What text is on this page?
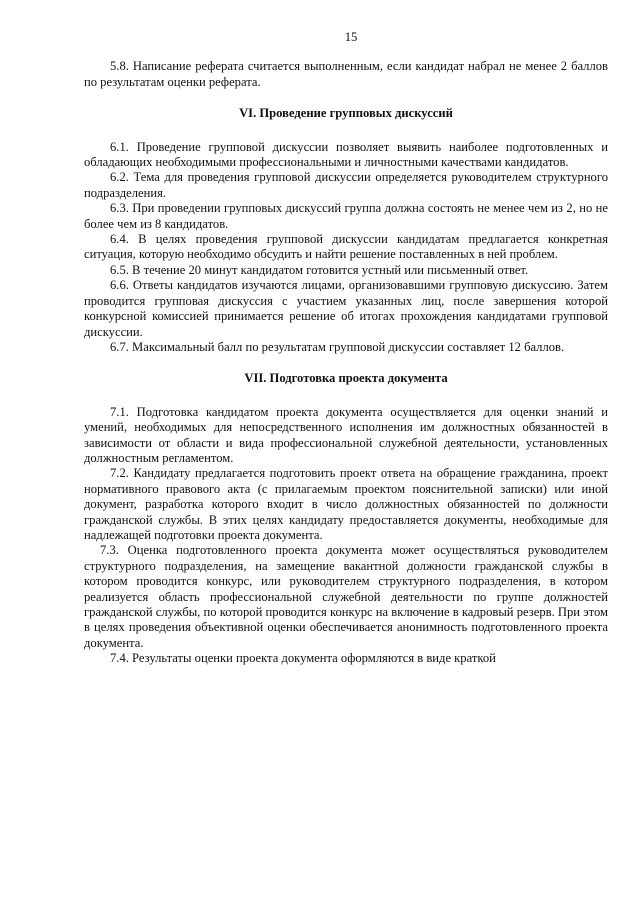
15

5.8. Написание реферата считается выполненным, если кандидат набрал не менее 2 баллов по результатам оценки реферата.

VI. Проведение групповых дискуссий

6.1. Проведение групповой дискуссии позволяет выявить наиболее подготовленных и обладающих необходимыми профессиональными и личностными качествами кандидатов.

6.2. Тема для проведения групповой дискуссии определяется руководителем структурного подразделения.

6.3. При проведении групповых дискуссий группа должна состоять не менее чем из 2, но не более чем из 8 кандидатов.

6.4. В целях проведения групповой дискуссии кандидатам предлагается конкретная ситуация, которую необходимо обсудить и найти решение поставленных в ней проблем.

6.5. В течение 20 минут кандидатом готовится устный или письменный ответ.

6.6. Ответы кандидатов изучаются лицами, организовавшими групповую дискуссию. Затем проводится групповая дискуссия с участием указанных лиц, после завершения которой конкурсной комиссией принимается решение об итогах прохождения кандидатами групповой дискуссии.

6.7. Максимальный балл по результатам групповой дискуссии составляет 12 баллов.

VII. Подготовка проекта документа

7.1. Подготовка кандидатом проекта документа осуществляется для оценки знаний и умений, необходимых для непосредственного исполнения им должностных обязанностей в зависимости от области и вида профессиональной служебной деятельности, установленных должностным регламентом.

7.2. Кандидату предлагается подготовить проект ответа на обращение гражданина, проект нормативного правового акта (с прилагаемым проектом пояснительной записки) или иной документ, разработка которого входит в число должностных обязанностей по должности гражданской службы. В этих целях кандидату предоставляется документы, необходимые для надлежащей подготовки проекта документа.

7.3. Оценка подготовленного проекта документа может осуществляться руководителем структурного подразделения, на замещение вакантной должности гражданской службы в котором проводится конкурс, или руководителем структурного подразделения, в котором реализуется область профессиональной служебной деятельности по группе должностей гражданской службы, по которой проводится конкурс на включение в кадровый резерв. При этом в целях проведения объективной оценки обеспечивается анонимность подготовленного проекта документа.

7.4. Результаты оценки проекта документа оформляются в виде краткой
